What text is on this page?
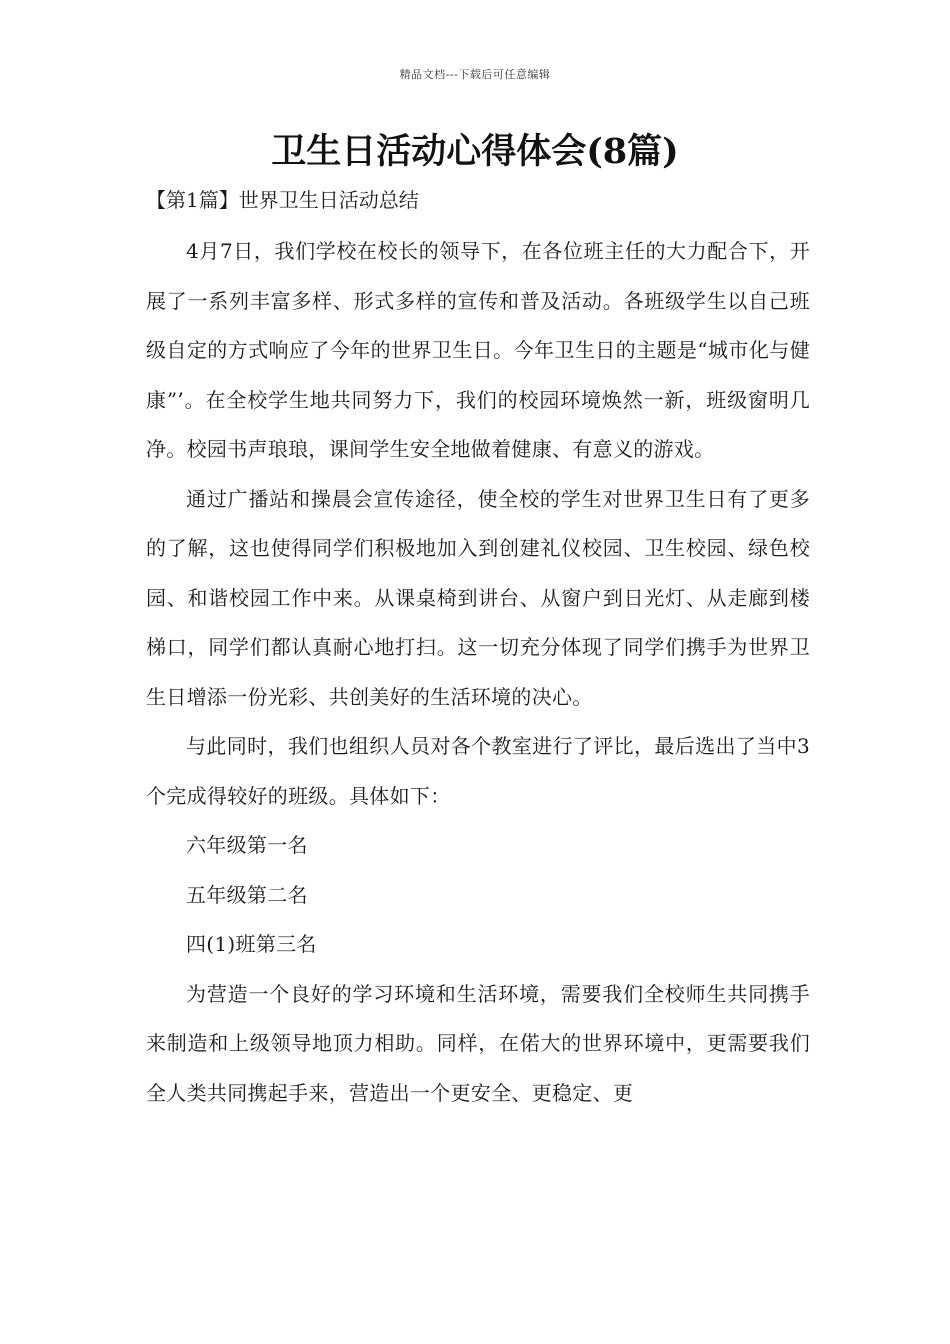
精品文档---下载后可任意编辑
卫生日活动心得体会(8篇)
【第1篇】世界卫生日活动总结

4月7日，我们学校在校长的领导下，在各位班主任的大力配合下，开展了一系列丰富多样、形式多样的宣传和普及活动。各班级学生以自己班级自定的方式响应了今年的世界卫生日。今年卫生日的主题是“城市化与健康”’。在全校学生地共同努力下，我们的校园环境焕然一新，班级窗明几净。校园书声琅琅，课间学生安全地做着健康、有意义的游戏。

通过广播站和操晨会宣传途径，使全校的学生对世界卫生日有了更多的了解，这也使得同学们积极地加入到创建礼仪校园、卫生校园、绿色校园、和谐校园工作中来。从课桌椅到讲台、从窗户到日光灯、从走廊到楼梯口，同学们都认真耐心地打扫。这一切充分体现了同学们携手为世界卫生日增添一份光彩、共创美好的生活环境的决心。

与此同时，我们也组织人员对各个教室进行了评比，最后选出了当中3个完成得较好的班级。具体如下：

六年级第一名

五年级第二名

四(1)班第三名

为营造一个良好的学习环境和生活环境，需要我们全校师生共同携手来制造和上级领导地顶力相助。同样，在偌大的世界环境中，更需要我们全人类共同携起手来，营造出一个更安全、更稳定、更
